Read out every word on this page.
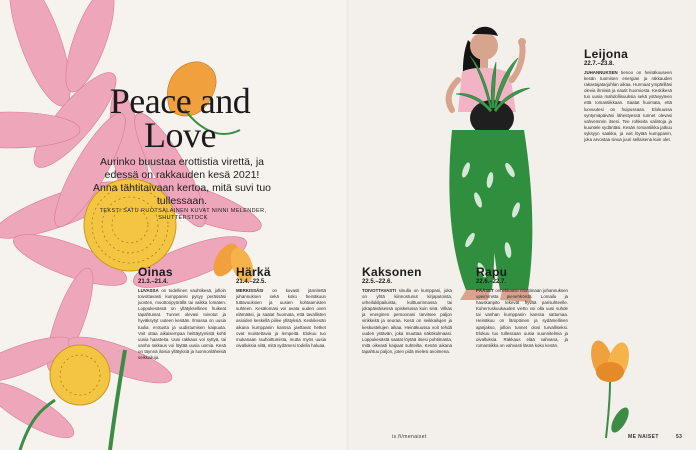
Peace and
Love
Aurinko buustaa erottistia virettä, ja edessä on rakkauden kesä 2021! Anna tähtitaivaan kertoa, mitä suvi tuo tullessaan.
TEKSTI SATU RUOTSALAINEN KUVAT NINNI MELENDER, SHUTTERSTOCK
Oinas
21.3.–21.4.
LUVASSA on todellinen vauhtikesä, jolloin toivottavasti kumppanisi pysyy perässäsi juosten, moottoripyörällä tai vaikka lomaten. Loppukesässä on yllätyksellinen huikeat tapahtumat. Tunnet olevasi toivotut ja hyväksytyt uuteen kesään. Ilmassa on uusia tuulia, erotusta ja uudistumisen kaipuuta. Voit ottaa aikaisempaa heittäytymistä kohti uusia haasteita. Uusi rakkaus voi syttyä, tai vanha rakkaus voi löytää uusia uomia. Kesä on täynnä iloisia yllätyksiä ja luonnonläheisiä seikkailuja.
Härkä
21.4.–22.5.
MERKISSÄSI on kovasti jännitettä juhannuksen sekä koko heinäkuun tuttavuuksien ja uusien kohtaamisten suhteen. Kesälomasi voi avata uuden oven elämääsi, ja saatat huomata, että tavallisten asioiden keskellä piilee yllätyksiä. Keskikesän aikana kumppanin kanssa jaettavat hetket ovat muistettavia ja lempeitä. Elokuu tuo mukanaan rauhoittumista, mutta myös uusia oivalluksia siitä, mitä sydämesi todella haluaa.
Kaksonen
22.5.–22.6.
TOIVOTTAVASTI sinulla on kumppani, joka on yhtä kiinnostunut kirjaputoista, urheilukilpailuista, kulttuurinnassa tai jokapäiväisessä opiskelussa kuin sinä. Vilkas ja energinen persoonasi tarvitsee paljon virikkeitä ja seuraa. Kesä on seikkailujen ja keskustelujen aikaa. Heinäkuussa voit tehdä uuden ystävän, joka muuttaa näkökulmaasi. Loppukesästä saatat löytää itsesi pohtimasta, mitä oikeasti kaipaat suhteilta. Kesän aikana tapahtuu paljon, joten pidä mielesi avoimena.
Rapu
22.6.–22.7.
PÄÄSET onnekkaasti nauttimaan juhannuksen upeimmista pienehköistä. Lomailu ja hauskanpito tekevät hyvää parisuhteelle. Kuherruskuukauden vietto voi olla uusi suhde tai vanhan kumppanin kanssa sattumaa. Heinäkuu on lämpöinen ja sydämellinen ajanjakso, jolloin tunnet olosi turvalliseksi. Elokuu tuo tullessaan uusia suunnitelmia ja oivalluksia. Rakkaus elää vahvana, ja romantiikka on vahvasti läsnä koko kesän.
Leijona
22.7.–23.8.
JUHANNUKSEN tienoo on heinäkuuseen kesän tuomisen energian ja rakkauden rakastajatarjuhlan aikaa. Hurmaat ympärilläsi olevia ihmisiä ja nautit huomiosta. Keskikesä tuo uusia mahdollisuuksia sekä ystävyyteen että romantiikkaan. Saatat huomata, että luovuutesi on huipussaan. Elokuussa syntymäpäiväsi lähestyessä tunnet olevasi vahvemmin itsesi. Tee rohkeita valintoja ja kuuntele sydäntäsi. Kesän romantiikka jatkuu syksyyn saakka, ja voit löytää kumppanin, joka arvostaa sinua juuri sellaisena kuin olet.
is.fi/menaiset	ME NAISET	53
